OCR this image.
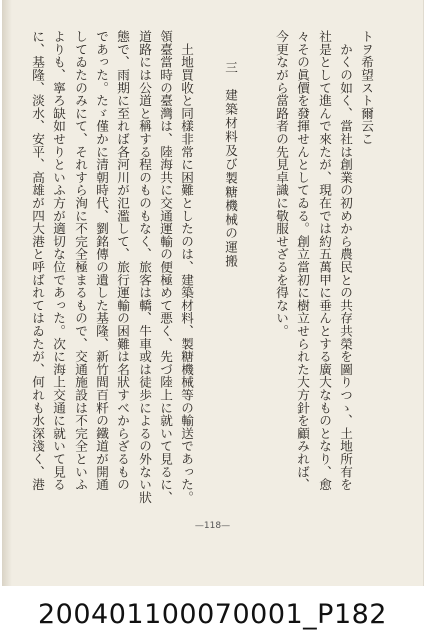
トヲ希望スト爾云こ
　かくの如く、當社は創業の初めから農民との共存共榮を圖りつゝ、土地所有を
社是として進んで來たが、現在では約五萬甲に垂んとする廣大なものとなり、愈
々その眞價を發揮せんとしてゐる。創立當初に樹立せられた大方針を顧みれば、
今更ながら當路者の先見卓識に敬服せざるを得ない。
三　建築材料及び製糖機械の運搬
　土地買收と同樣非常に困難としたのは、建築材料、製糖機械等の輸送であった。
領臺當時の臺灣は、陸海共に交通運輸の便極めて悪く、先づ陸上に就いて見るに、
道路には公道と稱する程のものもなく、旅客は轎、牛車或は徒歩によるの外ない狀
態で、雨期に至れば各河川が氾濫して、旅行運輸の困難は名狀すべからざるもの
であった。たゞ僅かに清朝時代、劉銘傳の遺した基隆、新竹間百粁の鐵道が開通
してゐたのみにて、それすら洵に不完全極まるもので、交通施設は不完全といふ
よりも、寧ろ缺如せりといふ方が適切な位であった。次に海上交通に就いて見る
に、基隆、淡水、安平、高雄が四大港と呼ばれてはゐたが、何れも水深淺く、港
—118—
200401100070001_P182
